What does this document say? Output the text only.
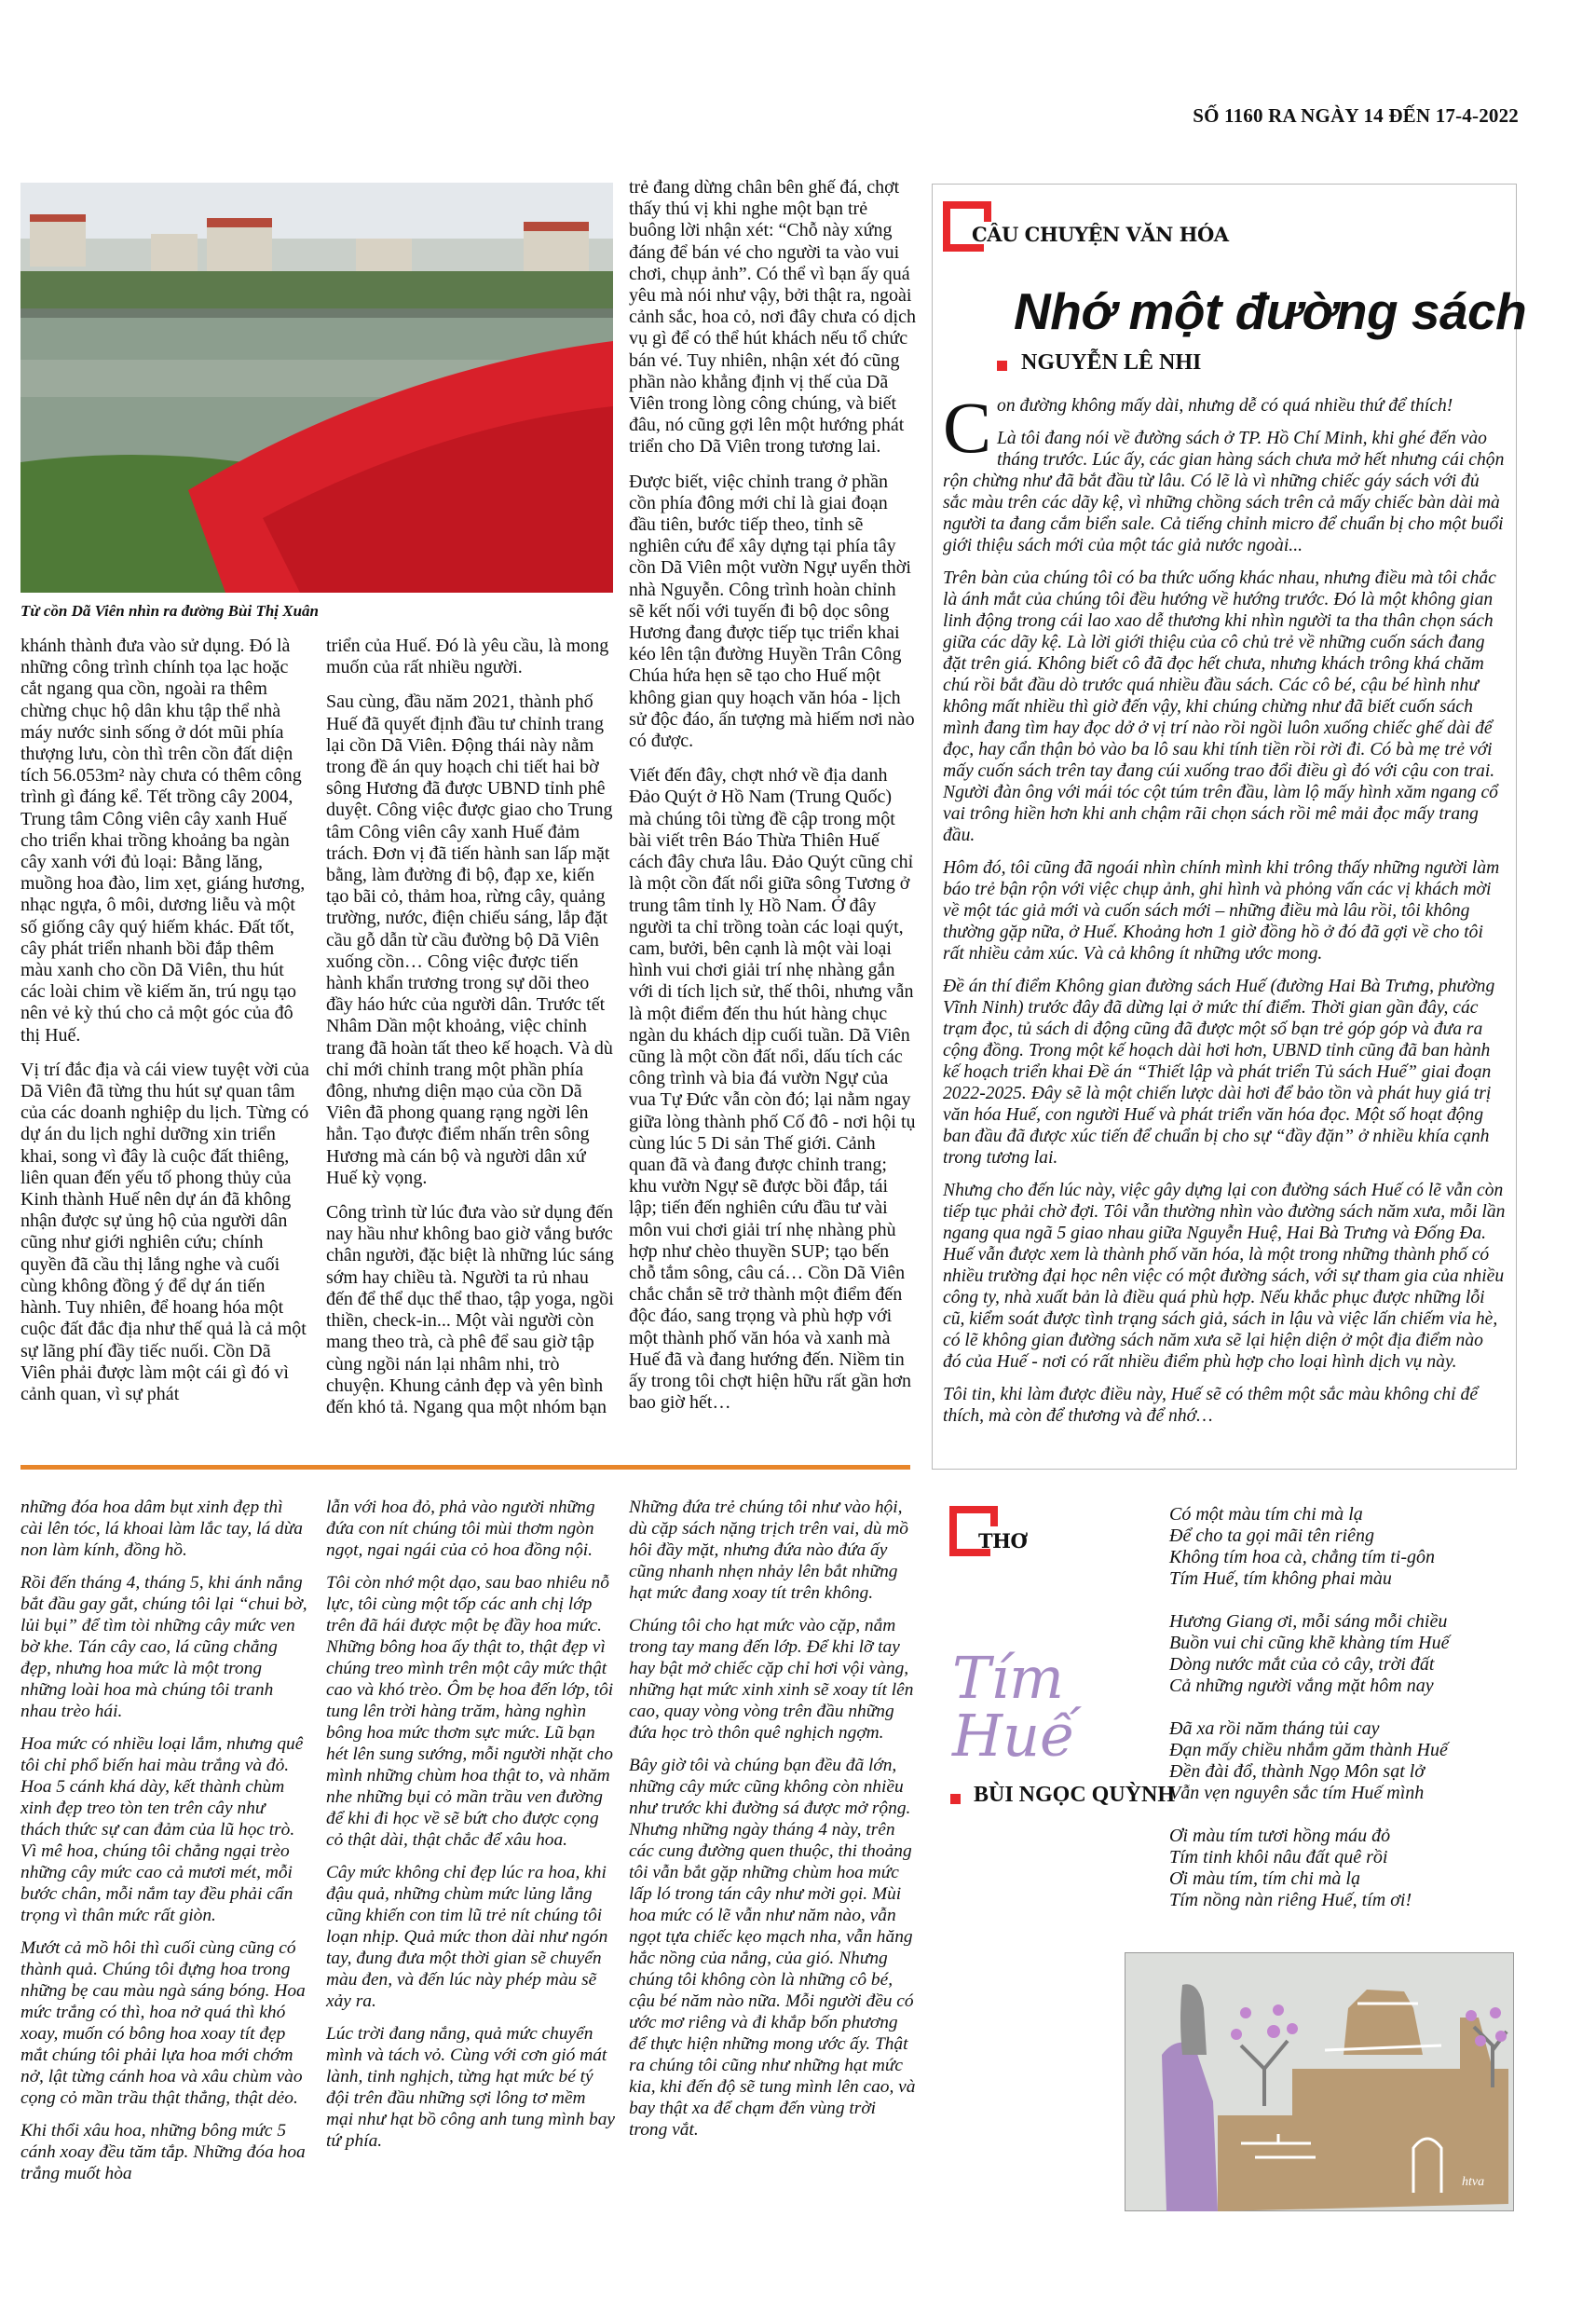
SỐ 1160 RA NGÀY 14 ĐẾN 17-4-2022
Từ cồn Dã Viên nhìn ra đường Bùi Thị Xuân

khánh thành đưa vào sử dụng. Đó là những công trình chính tọa lạc hoặc cắt ngang qua cồn, ngoài ra thêm chừng chục hộ dân khu tập thể nhà máy nước sinh sống ở dót mũi phía thượng lưu, còn thì trên cồn đất diện tích 56.053m² này chưa có thêm công trình gì đáng kể. Tết trồng cây 2004, Trung tâm Công viên cây xanh Huế cho triển khai trồng khoảng ba ngàn cây xanh với đủ loại: Bằng lăng, muồng hoa đào, lim xẹt, giáng hương, nhạc ngựa, ô môi, dương liễu và một số giống cây quý hiếm khác. Đất tốt, cây phát triển nhanh bồi đắp thêm màu xanh cho cồn Dã Viên, thu hút các loài chim về kiếm ăn, trú ngụ tạo nên vẻ kỳ thú cho cả một góc của đô thị Huế.

Vị trí đắc địa và cái view tuyệt vời của Dã Viên đã từng thu hút sự quan tâm của các doanh nghiệp du lịch. Từng có dự án du lịch nghỉ dưỡng xin triển khai, song vì đây là cuộc đất thiêng, liên quan đến yếu tố phong thủy của Kinh thành Huế nên dự án đã không nhận được sự ủng hộ của người dân cũng như giới nghiên cứu; chính quyền đã cầu thị lắng nghe và cuối cùng không đồng ý để dự án tiến hành. Tuy nhiên, để hoang hóa một cuộc đất đắc địa như thế quả là cả một sự lãng phí đầy tiếc nuối. Cồn Dã Viên phải được làm một cái gì đó vì cảnh quan, vì sự phát

triển của Huế. Đó là yêu cầu, là mong muốn của rất nhiều người.

Sau cùng, đầu năm 2021, thành phố Huế đã quyết định đầu tư chỉnh trang lại cồn Dã Viên. Động thái này nằm trong đề án quy hoạch chi tiết hai bờ sông Hương đã được UBND tỉnh phê duyệt. Công việc được giao cho Trung tâm Công viên cây xanh Huế đảm trách. Đơn vị đã tiến hành san lấp mặt bằng, làm đường đi bộ, đạp xe, kiến tạo bãi cỏ, thảm hoa, rừng cây, quảng trường, nước, điện chiếu sáng, lắp đặt cầu gỗ dẫn từ cầu đường bộ Dã Viên xuống cồn… Công việc được tiến hành khẩn trương trong sự dõi theo đầy háo hức của người dân. Trước tết Nhâm Dần một khoảng, việc chỉnh trang đã hoàn tất theo kế hoạch. Và dù chỉ mới chỉnh trang một phần phía đông, nhưng diện mạo của cồn Dã Viên đã phong quang rạng ngời lên hẳn. Tạo được điểm nhấn trên sông Hương mà cán bộ và người dân xứ Huế kỳ vọng.

Công trình từ lúc đưa vào sử dụng đến nay hầu như không bao giờ vắng bước chân người, đặc biệt là những lúc sáng sớm hay chiều tà. Người ta rủ nhau đến để thể dục thể thao, tập yoga, ngồi thiền, check-in... Một vài người còn mang theo trà, cà phê để sau giờ tập cùng ngồi nán lại nhâm nhi, trò chuyện. Khung cảnh đẹp và yên bình đến khó tả. Ngang qua một nhóm bạn

trẻ đang dừng chân bên ghế đá, chợt thấy thú vị khi nghe một bạn trẻ buông lời nhận xét: “Chỗ này xứng đáng để bán vé cho người ta vào vui chơi, chụp ảnh”. Có thể vì bạn ấy quá yêu mà nói như vậy, bởi thật ra, ngoài cảnh sắc, hoa cỏ, nơi đây chưa có dịch vụ gì để có thể hút khách nếu tổ chức bán vé. Tuy nhiên, nhận xét đó cũng phần nào khẳng định vị thế của Dã Viên trong lòng công chúng, và biết đâu, nó cũng gợi lên một hướng phát triển cho Dã Viên trong tương lai.

Được biết, việc chỉnh trang ở phần cồn phía đông mới chỉ là giai đoạn đầu tiên, bước tiếp theo, tỉnh sẽ nghiên cứu để xây dựng tại phía tây cồn Dã Viên một vườn Ngự uyển thời nhà Nguyễn. Công trình hoàn chỉnh sẽ kết nối với tuyến đi bộ dọc sông Hương đang được tiếp tục triển khai kéo lên tận đường Huyền Trân Công Chúa hứa hẹn sẽ tạo cho Huế một không gian quy hoạch văn hóa - lịch sử độc đáo, ấn tượng mà hiếm nơi nào có được.

Viết đến đây, chợt nhớ về địa danh Đảo Quýt ở Hồ Nam (Trung Quốc) mà chúng tôi từng đề cập trong một bài viết trên Báo Thừa Thiên Huế cách đây chưa lâu. Đảo Quýt cũng chỉ là một cồn đất nổi giữa sông Tương ở trung tâm tỉnh lỵ Hồ Nam. Ở đây người ta chỉ trồng toàn các loại quýt, cam, bưởi, bên cạnh là một vài loại hình vui chơi giải trí nhẹ nhàng gắn với di tích lịch sử, thế thôi, nhưng vẫn là một điểm đến thu hút hàng chục ngàn du khách dịp cuối tuần. Dã Viên cũng là một cồn đất nổi, dấu tích các công trình và bia đá vườn Ngự của vua Tự Đức vẫn còn đó; lại nằm ngay giữa lòng thành phố Cố đô - nơi hội tụ cùng lúc 5 Di sản Thế giới. Cảnh quan đã và đang được chỉnh trang; khu vườn Ngự sẽ được bồi đắp, tái lập; tiến đến nghiên cứu đầu tư vài môn vui chơi giải trí nhẹ nhàng phù hợp như chèo thuyền SUP; tạo bến chỗ tắm sông, câu cá… Cồn Dã Viên chắc chắn sẽ trở thành một điểm đến độc đáo, sang trọng và phù hợp với một thành phố văn hóa và xanh mà Huế đã và đang hướng đến. Niềm tin ấy trong tôi chợt hiện hữu rất gần hơn bao giờ hết…

CÂU CHUYỆN VĂN HÓA
Nhớ một đường sách
NGUYỄN LÊ NHI

Con đường không mấy dài, nhưng dễ có quá nhiều thứ để thích!

Là tôi đang nói về đường sách ở TP. Hồ Chí Minh, khi ghé đến vào tháng trước. Lúc ấy, các gian hàng sách chưa mở hết nhưng cái chộn rộn chừng như đã bắt đầu từ lâu. Có lẽ là vì những chiếc gáy sách với đủ sắc màu trên các dãy kệ, vì những chồng sách trên cả mấy chiếc bàn dài mà người ta đang cắm biển sale. Cả tiếng chỉnh micro để chuẩn bị cho một buổi giới thiệu sách mới của một tác giả nước ngoài...

Trên bàn của chúng tôi có ba thức uống khác nhau, nhưng điều mà tôi chắc là ánh mắt của chúng tôi đều hướng về hướng trước. Đó là một không gian linh động trong cái lao xao dễ thương khi nhìn người ta tha thân chọn sách giữa các dãy kệ. Là lời giới thiệu của cô chủ trẻ về những cuốn sách đang đặt trên giá. Không biết cô đã đọc hết chưa, nhưng khách trông khá chăm chú rồi bắt đầu dò trước quá nhiều đầu sách. Các cô bé, cậu bé hình như không mất nhiều thì giờ đến vậy, khi chúng chừng như đã biết cuốn sách mình đang tìm hay đọc dở ở vị trí nào rồi ngồi luôn xuống chiếc ghế dài để đọc, hay cẩn thận bỏ vào ba lô sau khi tính tiền rồi rời đi. Có bà mẹ trẻ với mấy cuốn sách trên tay đang cúi xuống trao đổi điều gì đó với cậu con trai. Người đàn ông với mái tóc cột túm trên đầu, làm lộ mấy hình xăm ngang cổ vai trông hiền hơn khi anh chậm rãi chọn sách rồi mê mải đọc mấy trang đầu.

Hôm đó, tôi cũng đã ngoái nhìn chính mình khi trông thấy những người làm báo trẻ bận rộn với việc chụp ảnh, ghi hình và phỏng vấn các vị khách mời về một tác giả mới và cuốn sách mới – những điều mà lâu rồi, tôi không thường gặp nữa, ở Huế. Khoảng hơn 1 giờ đồng hồ ở đó đã gợi về cho tôi rất nhiều cảm xúc. Và cả không ít những ước mong.

Đề án thí điểm Không gian đường sách Huế (đường Hai Bà Trưng, phường Vĩnh Ninh) trước đây đã dừng lại ở mức thí điểm. Thời gian gần đây, các trạm đọc, tủ sách di động cũng đã được một số bạn trẻ góp góp và đưa ra cộng đồng. Trong một kế hoạch dài hơi hơn, UBND tỉnh cũng đã ban hành kế hoạch triển khai Đề án “Thiết lập và phát triển Tủ sách Huế” giai đoạn 2022-2025. Đây sẽ là một chiến lược dài hơi để bảo tồn và phát huy giá trị văn hóa Huế, con người Huế và phát triển văn hóa đọc. Một số hoạt động ban đầu đã được xúc tiến để chuẩn bị cho sự “đầy đặn” ở nhiều khía cạnh trong tương lai.

Nhưng cho đến lúc này, việc gây dựng lại con đường sách Huế có lẽ vẫn còn tiếp tục phải chờ đợi. Tôi vẫn thường nhìn vào đường sách năm xưa, mỗi lần ngang qua ngã 5 giao nhau giữa Nguyễn Huệ, Hai Bà Trưng và Đống Đa. Huế vẫn được xem là thành phố văn hóa, là một trong những thành phố có nhiều trường đại học nên việc có một đường sách, với sự tham gia của nhiều công ty, nhà xuất bản là điều quá phù hợp. Nếu khắc phục được những lỗi cũ, kiểm soát được tình trạng sách giả, sách in lậu và việc lấn chiếm vỉa hè, có lẽ không gian đường sách năm xưa sẽ lại hiện diện ở một địa điểm nào đó của Huế - nơi có rất nhiều điểm phù hợp cho loại hình dịch vụ này.

Tôi tin, khi làm được điều này, Huế sẽ có thêm một sắc màu không chỉ để thích, mà còn để thương và để nhớ…

những đóa hoa dâm bụt xinh đẹp thì cài lên tóc, lá khoai làm lắc tay, lá dừa non làm kính, đồng hồ.

Rồi đến tháng 4, tháng 5, khi ánh nắng bắt đầu gay gắt, chúng tôi lại “chui bờ, lủi bụi” để tìm tòi những cây mức ven bờ khe. Tán cây cao, lá cũng chẳng đẹp, nhưng hoa mức là một trong những loài hoa mà chúng tôi tranh nhau trèo hái.

Hoa mức có nhiều loại lắm, nhưng quê tôi chỉ phổ biến hai màu trắng và đỏ. Hoa 5 cánh khá dày, kết thành chùm xinh đẹp treo tòn ten trên cây như thách thức sự can đảm của lũ học trò. Vì mê hoa, chúng tôi chẳng ngại trèo những cây mức cao cả mươi mét, mỗi bước chân, mỗi nắm tay đều phải cẩn trọng vì thân mức rất giòn.

Mướt cả mồ hôi thì cuối cùng cũng có thành quả. Chúng tôi đựng hoa trong những bẹ cau màu ngà sáng bóng. Hoa mức trắng có thì, hoa nở quá thì khó xoay, muốn có bông hoa xoay tít đẹp mắt chúng tôi phải lựa hoa mới chớm nở, lật từng cánh hoa và xâu chùm vào cọng cỏ mần trầu thật thẳng, thật dẻo.

Khi thổi xâu hoa, những bông mức 5 cánh xoay đều tăm tắp. Những đóa hoa trắng muốt hòa

lẫn với hoa đỏ, phả vào người những đứa con nít chúng tôi mùi thơm ngòn ngọt, ngai ngái của cỏ hoa đồng nội.

Tôi còn nhớ một dạo, sau bao nhiêu nỗ lực, tôi cùng một tốp các anh chị lớp trên đã hái được một bẹ đầy hoa mức. Những bông hoa ấy thật to, thật đẹp vì chúng treo mình trên một cây mức thật cao và khó trèo. Ôm bẹ hoa đến lớp, tôi tung lên trời hàng trăm, hàng nghìn bông hoa mức thơm sực mức. Lũ bạn hét lên sung sướng, mỗi người nhặt cho mình những chùm hoa thật to, và nhăm nhe những bụi cỏ mần trầu ven đường để khi đi học về sẽ bứt cho được cọng cỏ thật dài, thật chắc để xâu hoa.

Cây mức không chỉ đẹp lúc ra hoa, khi đậu quả, những chùm mức lủng lẳng cũng khiến con tim lũ trẻ nít chúng tôi loạn nhịp. Quả mức thon dài như ngón tay, đung đưa một thời gian sẽ chuyển màu đen, và đến lúc này phép màu sẽ xảy ra.

Lúc trời đang nắng, quả mức chuyển mình và tách vỏ. Cùng với cơn gió mát lành, tinh nghịch, từng hạt mức bé tý đội trên đầu những sợi lông tơ mềm mại như hạt bồ công anh tung mình bay tứ phía.

Những đứa trẻ chúng tôi như vào hội, dù cặp sách nặng trịch trên vai, dù mồ hôi đầy mặt, nhưng đứa nào đứa ấy cũng nhanh nhẹn nhảy lên bắt những hạt mức đang xoay tít trên không.

Chúng tôi cho hạt mức vào cặp, nắm trong tay mang đến lớp. Để khi lỡ tay hay bật mở chiếc cặp chỉ hơi vội vàng, những hạt mức xinh xinh sẽ xoay tít lên cao, quay vòng vòng trên đầu những đứa học trò thôn quê nghịch ngợm.

Bây giờ tôi và chúng bạn đều đã lớn, những cây mức cũng không còn nhiều như trước khi đường sá được mở rộng. Nhưng những ngày tháng 4 này, trên các cung đường quen thuộc, thi thoảng tôi vẫn bắt gặp những chùm hoa mức lấp ló trong tán cây như mời gọi. Mùi hoa mức có lẽ vẫn như năm nào, vẫn ngọt tựa chiếc kẹo mạch nha, vẫn hăng hắc nồng của nắng, của gió. Nhưng chúng tôi không còn là những cô bé, cậu bé năm nào nữa. Mỗi người đều có ước mơ riêng và đi khắp bốn phương để thực hiện những mong ước ấy. Thật ra chúng tôi cũng như những hạt mức kia, khi đến độ sẽ tung mình lên cao, và bay thật xa để chạm đến vùng trời trong vắt.

THƠ
Tím
Huế
BÙI NGỌC QUỲNH
Có một màu tím chi mà lạ
Để cho ta gọi mãi tên riêng
Không tím hoa cà, chẳng tím ti-gôn
Tím Huế, tím không phai màu
Hương Giang ơi, mỗi sáng mỗi chiều
Buồn vui chi cũng khẽ khàng tím Huế
Dòng nước mắt của cỏ cây, trời đất
Cả những người vắng mặt hôm nay
Đã xa rồi năm tháng tủi cay
Đạn mấy chiều nhắm găm thành Huế
Đền đài đổ, thành Ngọ Môn sạt lở
Vẫn vẹn nguyên sắc tím Huế mình
Ơi màu tím tươi hồng máu đỏ
Tím tinh khôi nâu đất quê rồi
Ơi màu tím, tím chi mà lạ
Tím nồng nàn riêng Huế, tím ơi!
htva
